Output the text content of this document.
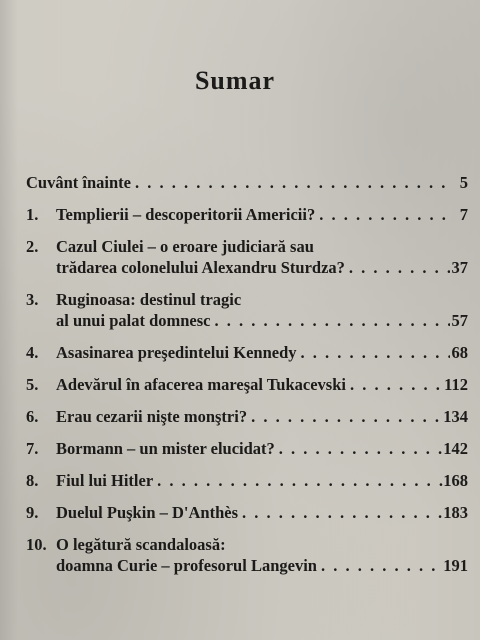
Sumar
Cuvânt înainte . . .	5
1.	Templierii – descoperitorii Americii? . . .	7
2.	Cazul Ciulei – o eroare judiciară sau
trădarea colonelului Alexandru Sturdza? . . .	37
3.	Ruginoasa: destinul tragic
al unui palat domnesc . . .	57
4.	Asasinarea preşedintelui Kennedy . . .	68
5.	Adevărul în afacerea mareşal Tukacevski . . .	112
6.	Erau cezarii nişte monştri? . . .	134
7.	Bormann – un mister elucidat? . . .	142
8.	Fiul lui Hitler . . .	168
9.	Duelul Puşkin – D'Anthès . . .	183
10. O legătură scandaloasă:
doamna Curie – profesorul Langevin . . .	191
